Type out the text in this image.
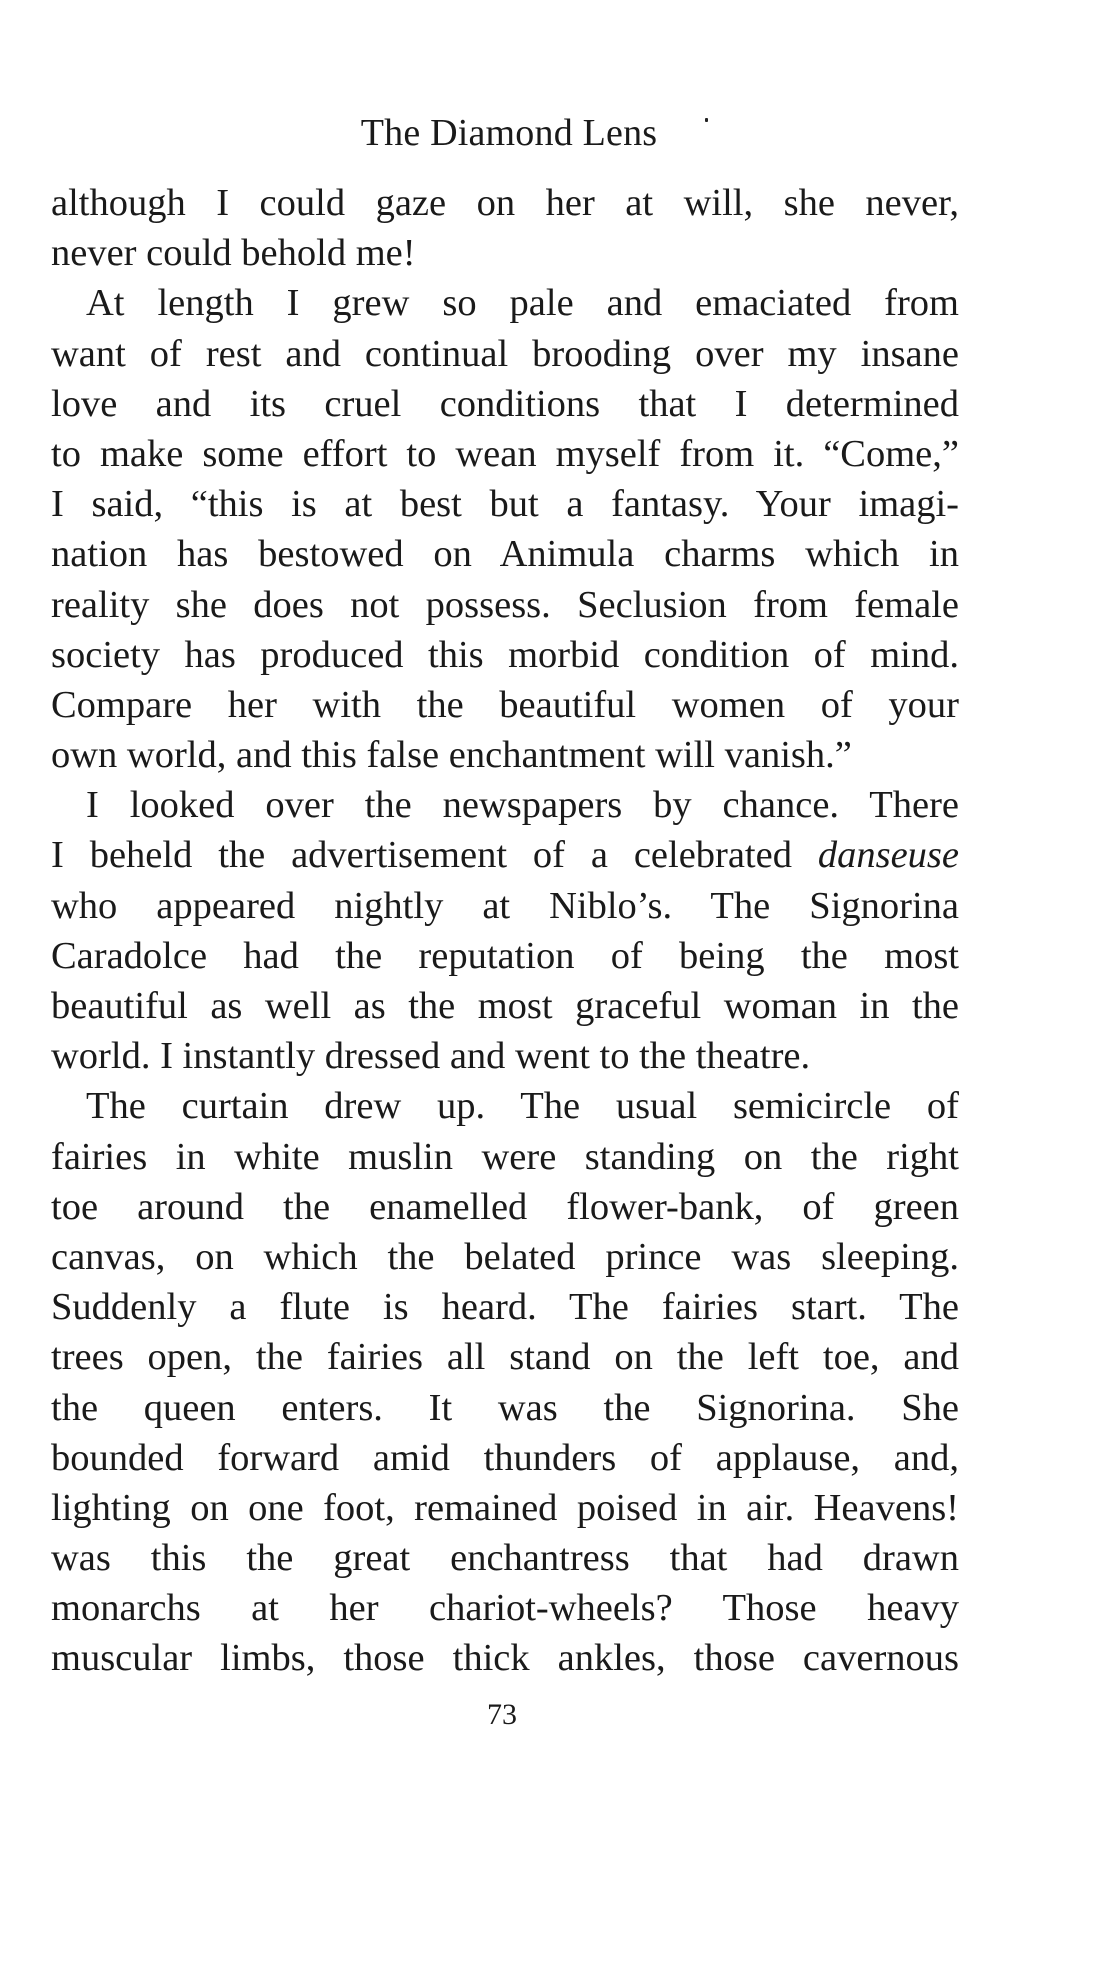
The Diamond Lens
although I could gaze on her at will, she never,
never could behold me!
At length I grew so pale and emaciated from
want of rest and continual brooding over my insane
love and its cruel conditions that I determined
to make some effort to wean myself from it. “Come,”
I said, “this is at best but a fantasy. Your imagi-
nation has bestowed on Animula charms which in
reality she does not possess. Seclusion from female
society has produced this morbid condition of mind.
Compare her with the beautiful women of your
own world, and this false enchantment will vanish.”
I looked over the newspapers by chance. There
I beheld the advertisement of a celebrated danseuse
who appeared nightly at Niblo’s. The Signorina
Caradolce had the reputation of being the most
beautiful as well as the most graceful woman in the
world. I instantly dressed and went to the theatre.
The curtain drew up. The usual semicircle of
fairies in white muslin were standing on the right
toe around the enamelled flower-bank, of green
canvas, on which the belated prince was sleeping.
Suddenly a flute is heard. The fairies start. The
trees open, the fairies all stand on the left toe, and
the queen enters. It was the Signorina. She
bounded forward amid thunders of applause, and,
lighting on one foot, remained poised in air. Heavens!
was this the great enchantress that had drawn
monarchs at her chariot-wheels? Those heavy
muscular limbs, those thick ankles, those cavernous
73
